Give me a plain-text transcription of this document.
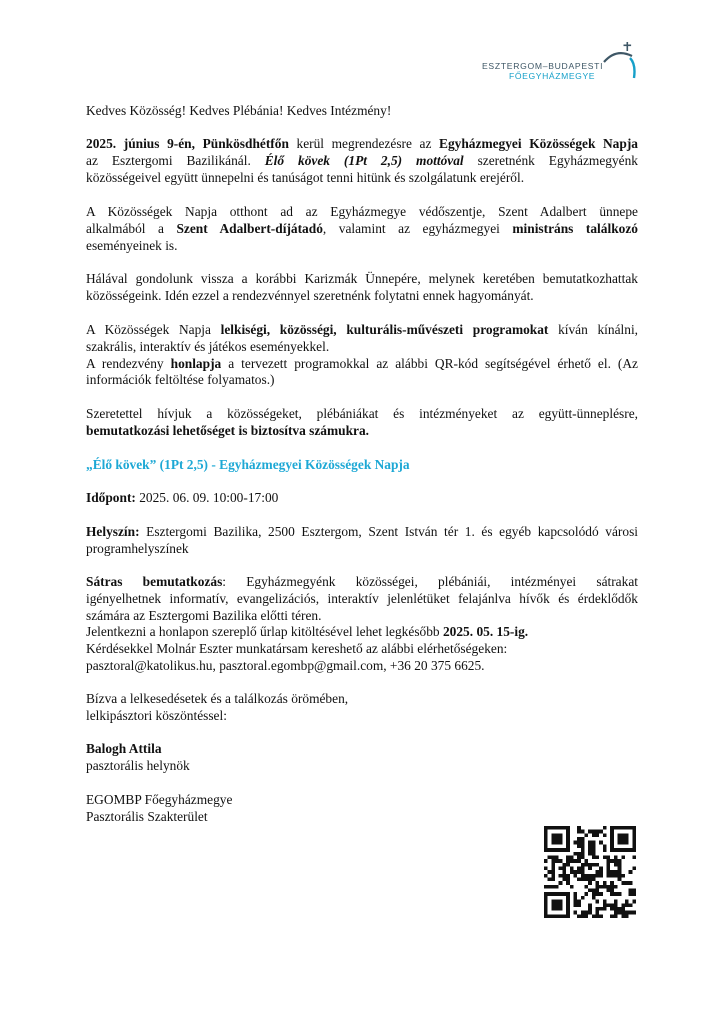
ESZTERGOM–BUDAPESTI
FŐEGYHÁZMEGYE

Kedves Közösség! Kedves Plébánia! Kedves Intézmény!

2025. június 9-én, Pünkösdhétfőn kerül megrendezésre az Egyházmegyei Közösségek Napja

az Esztergomi Bazilikánál. Élő kövek (1Pt 2,5) mottóval szeretnénk Egyházmegyénk

közösségeivel együtt ünnepelni és tanúságot tenni hitünk és szolgálatunk erejéről.

A Közösségek Napja otthont ad az Egyházmegye védőszentje, Szent Adalbert ünnepe

alkalmából a Szent Adalbert-díjátadó, valamint az egyházmegyei ministráns találkozó

eseményeinek is.

Hálával gondolunk vissza a korábbi Karizmák Ünnepére, melynek keretében bemutatkozhattak

közösségeink. Idén ezzel a rendezvénnyel szeretnénk folytatni ennek hagyományát.

A Közösségek Napja lelkiségi, közösségi, kulturális-művészeti programokat kíván kínálni,

szakrális, interaktív és játékos eseményekkel.

A rendezvény honlapja a tervezett programokkal az alábbi QR-kód segítségével érhető el. (Az

információk feltöltése folyamatos.)

Szeretettel hívjuk a közösségeket, plébániákat és intézményeket az együtt-ünneplésre,

bemutatkozási lehetőséget is biztosítva számukra.

„Élő kövek” (1Pt 2,5) - Egyházmegyei Közösségek Napja

Időpont: 2025. 06. 09. 10:00-17:00

Helyszín: Esztergomi Bazilika, 2500 Esztergom, Szent István tér 1. és egyéb kapcsolódó városi

programhelyszínek

Sátras bemutatkozás: Egyházmegyénk közösségei, plébániái, intézményei sátrakat

igényelhetnek informatív, evangelizációs, interaktív jelenlétüket felajánlva hívők és érdeklődők

számára az Esztergomi Bazilika előtti téren.

Jelentkezni a honlapon szereplő űrlap kitöltésével lehet legkésőbb 2025. 05. 15-ig.

Kérdésekkel Molnár Eszter munkatársam kereshető az alábbi elérhetőségeken:

pasztoral@katolikus.hu, pasztoral.egombp@gmail.com, +36 20 375 6625.

Bízva a lelkesedésetek és a találkozás örömében,

lelkipásztori köszöntéssel:

Balogh Attila

pasztorális helynök

EGOMBP Főegyházmegye

Pasztorális Szakterület
